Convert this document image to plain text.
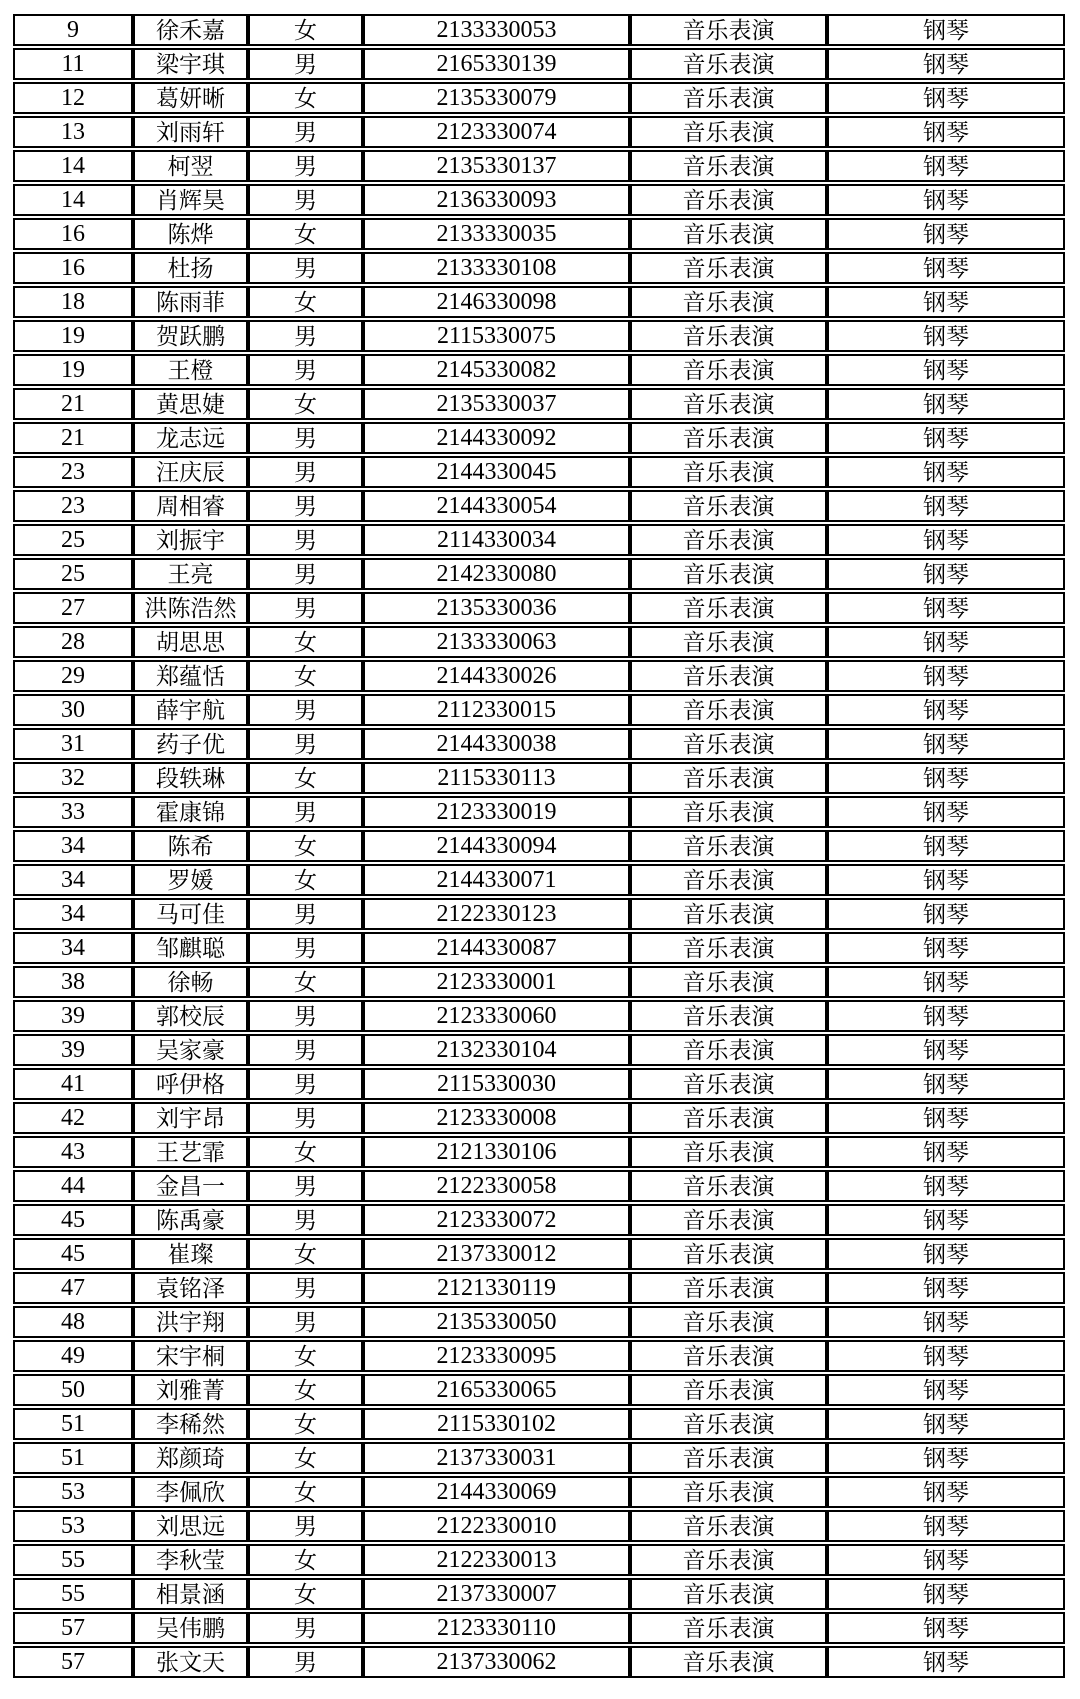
9	徐禾嘉	女	2133330053	音乐表演	钢琴
11	梁宇琪	男	2165330139	音乐表演	钢琴
12	葛妍晰	女	2135330079	音乐表演	钢琴
13	刘雨轩	男	2123330074	音乐表演	钢琴
14	柯翌	男	2135330137	音乐表演	钢琴
14	肖辉昊	男	2136330093	音乐表演	钢琴
16	陈烨	女	2133330035	音乐表演	钢琴
16	杜扬	男	2133330108	音乐表演	钢琴
18	陈雨菲	女	2146330098	音乐表演	钢琴
19	贺跃鹏	男	2115330075	音乐表演	钢琴
19	王橙	男	2145330082	音乐表演	钢琴
21	黄思婕	女	2135330037	音乐表演	钢琴
21	龙志远	男	2144330092	音乐表演	钢琴
23	汪庆辰	男	2144330045	音乐表演	钢琴
23	周相睿	男	2144330054	音乐表演	钢琴
25	刘振宇	男	2114330034	音乐表演	钢琴
25	王亮	男	2142330080	音乐表演	钢琴
27	洪陈浩然	男	2135330036	音乐表演	钢琴
28	胡思思	女	2133330063	音乐表演	钢琴
29	郑蕴恬	女	2144330026	音乐表演	钢琴
30	薛宇航	男	2112330015	音乐表演	钢琴
31	药子优	男	2144330038	音乐表演	钢琴
32	段轶琳	女	2115330113	音乐表演	钢琴
33	霍康锦	男	2123330019	音乐表演	钢琴
34	陈希	女	2144330094	音乐表演	钢琴
34	罗媛	女	2144330071	音乐表演	钢琴
34	马可佳	男	2122330123	音乐表演	钢琴
34	邹麒聪	男	2144330087	音乐表演	钢琴
38	徐畅	女	2123330001	音乐表演	钢琴
39	郭校辰	男	2123330060	音乐表演	钢琴
39	吴家豪	男	2132330104	音乐表演	钢琴
41	呼伊格	男	2115330030	音乐表演	钢琴
42	刘宇昂	男	2123330008	音乐表演	钢琴
43	王艺霏	女	2121330106	音乐表演	钢琴
44	金昌一	男	2122330058	音乐表演	钢琴
45	陈禹豪	男	2123330072	音乐表演	钢琴
45	崔璨	女	2137330012	音乐表演	钢琴
47	袁铭泽	男	2121330119	音乐表演	钢琴
48	洪宇翔	男	2135330050	音乐表演	钢琴
49	宋宇桐	女	2123330095	音乐表演	钢琴
50	刘雅菁	女	2165330065	音乐表演	钢琴
51	李稀然	女	2115330102	音乐表演	钢琴
51	郑颜琦	女	2137330031	音乐表演	钢琴
53	李佩欣	女	2144330069	音乐表演	钢琴
53	刘思远	男	2122330010	音乐表演	钢琴
55	李秋莹	女	2122330013	音乐表演	钢琴
55	相景涵	女	2137330007	音乐表演	钢琴
57	吴伟鹏	男	2123330110	音乐表演	钢琴
57	张文天	男	2137330062	音乐表演	钢琴
